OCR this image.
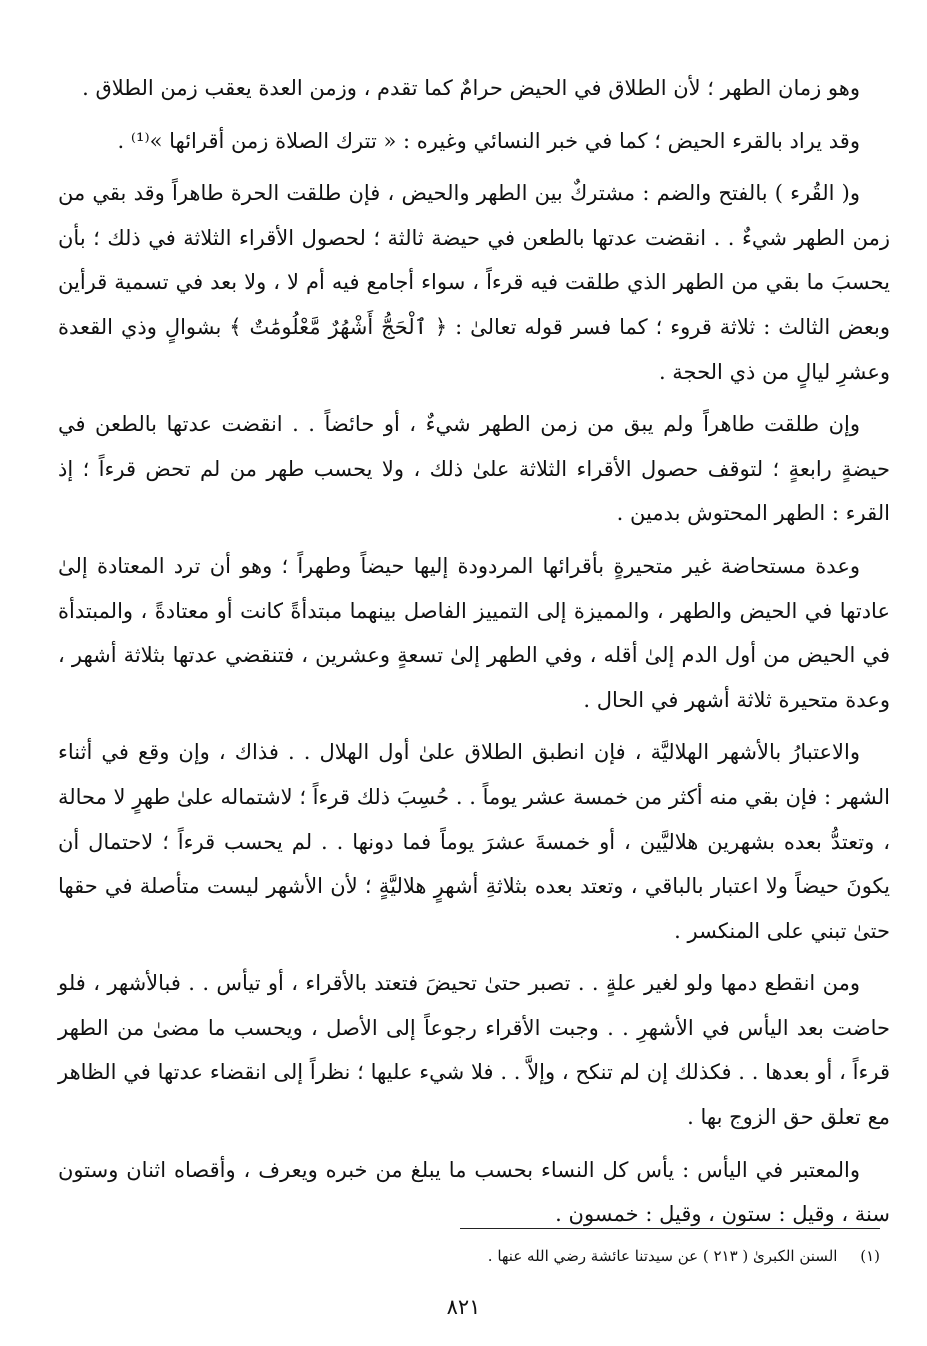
وهو زمان الطهر ؛ لأن الطلاق في الحيض حرامٌ كما تقدم ، وزمن العدة يعقب زمن الطلاق .

وقد يراد بالقرء الحيض ؛ كما في خبر النسائي وغيره : « تترك الصلاة زمن أقرائها »⁽¹⁾ .

و( القُرء ) بالفتح والضم : مشتركٌ بين الطهر والحيض ، فإن طلقت الحرة طاهراً وقد بقي من زمن الطهر شيءٌ . . انقضت عدتها بالطعن في حيضة ثالثة ؛ لحصول الأقراء الثلاثة في ذلك ؛ بأن يحسبَ ما بقي من الطهر الذي طلقت فيه قرءاً ، سواء أجامع فيه أم لا ، ولا بعد في تسمية قرأين وبعض الثالث : ثلاثة قروء ؛ كما فسر قوله تعالىٰ : ﴿ ٱلْحَجُّ أَشْهُرٌ مَّعْلُومَٰتٌ ﴾ بشوالٍ وذي القعدة وعشرِ ليالٍ من ذي الحجة .

وإن طلقت طاهراً ولم يبق من زمن الطهر شيءٌ ، أو حائضاً . . انقضت عدتها بالطعن في حيضةٍ رابعةٍ ؛ لتوقف حصول الأقراء الثلاثة علىٰ ذلك ، ولا يحسب طهر من لم تحض قرءاً ؛ إذ القرء : الطهر المحتوش بدمين .

وعدة مستحاضة غير متحيرةٍ بأقرائها المردودة إليها حيضاً وطهراً ؛ وهو أن ترد المعتادة إلىٰ عادتها في الحيض والطهر ، والمميزة إلى التمييز الفاصل بينهما مبتدأةً كانت أو معتادةً ، والمبتدأة في الحيض من أول الدم إلىٰ أقله ، وفي الطهر إلىٰ تسعةٍ وعشرين ، فتنقضي عدتها بثلاثة أشهر ، وعدة متحيرة ثلاثة أشهر في الحال .

والاعتبارُ بالأشهر الهلاليَّة ، فإن انطبق الطلاق علىٰ أول الهلال . . فذاك ، وإن وقع في أثناء الشهر : فإن بقي منه أكثر من خمسة عشر يوماً . . حُسِبَ ذلك قرءاً ؛ لاشتماله علىٰ طهرٍ لا محالة ، وتعتدُّ بعده بشهرين هلاليَّين ، أو خمسةَ عشرَ يوماً فما دونها . . لم يحسب قرءاً ؛ لاحتمال أن يكونَ حيضاً ولا اعتبار بالباقي ، وتعتد بعده بثلاثةِ أشهرٍ هلاليَّةٍ ؛ لأن الأشهر ليست متأصلة في حقها حتىٰ تبني على المنكسر .

ومن انقطع دمها ولو لغير علةٍ . . تصبر حتىٰ تحيضَ فتعتد بالأقراء ، أو تيأس . . فبالأشهر ، فلو حاضت بعد اليأس في الأشهرِ . . وجبت الأقراء رجوعاً إلى الأصل ، ويحسب ما مضىٰ من الطهر قرءاً ، أو بعدها . . فكذلك إن لم تنكح ، وإلاَّ . . فلا شيء عليها ؛ نظراً إلى انقضاء عدتها في الظاهر مع تعلق حق الزوج بها .

والمعتبر في اليأس : يأس كل النساء بحسب ما يبلغ من خبره ويعرف ، وأقصاه اثنان وستون سنة ، وقيل : ستون ، وقيل : خمسون .

(١) السنن الكبرىٰ ( ٢١٣ ) عن سيدتنا عائشة رضي الله عنها .
٨٢١
